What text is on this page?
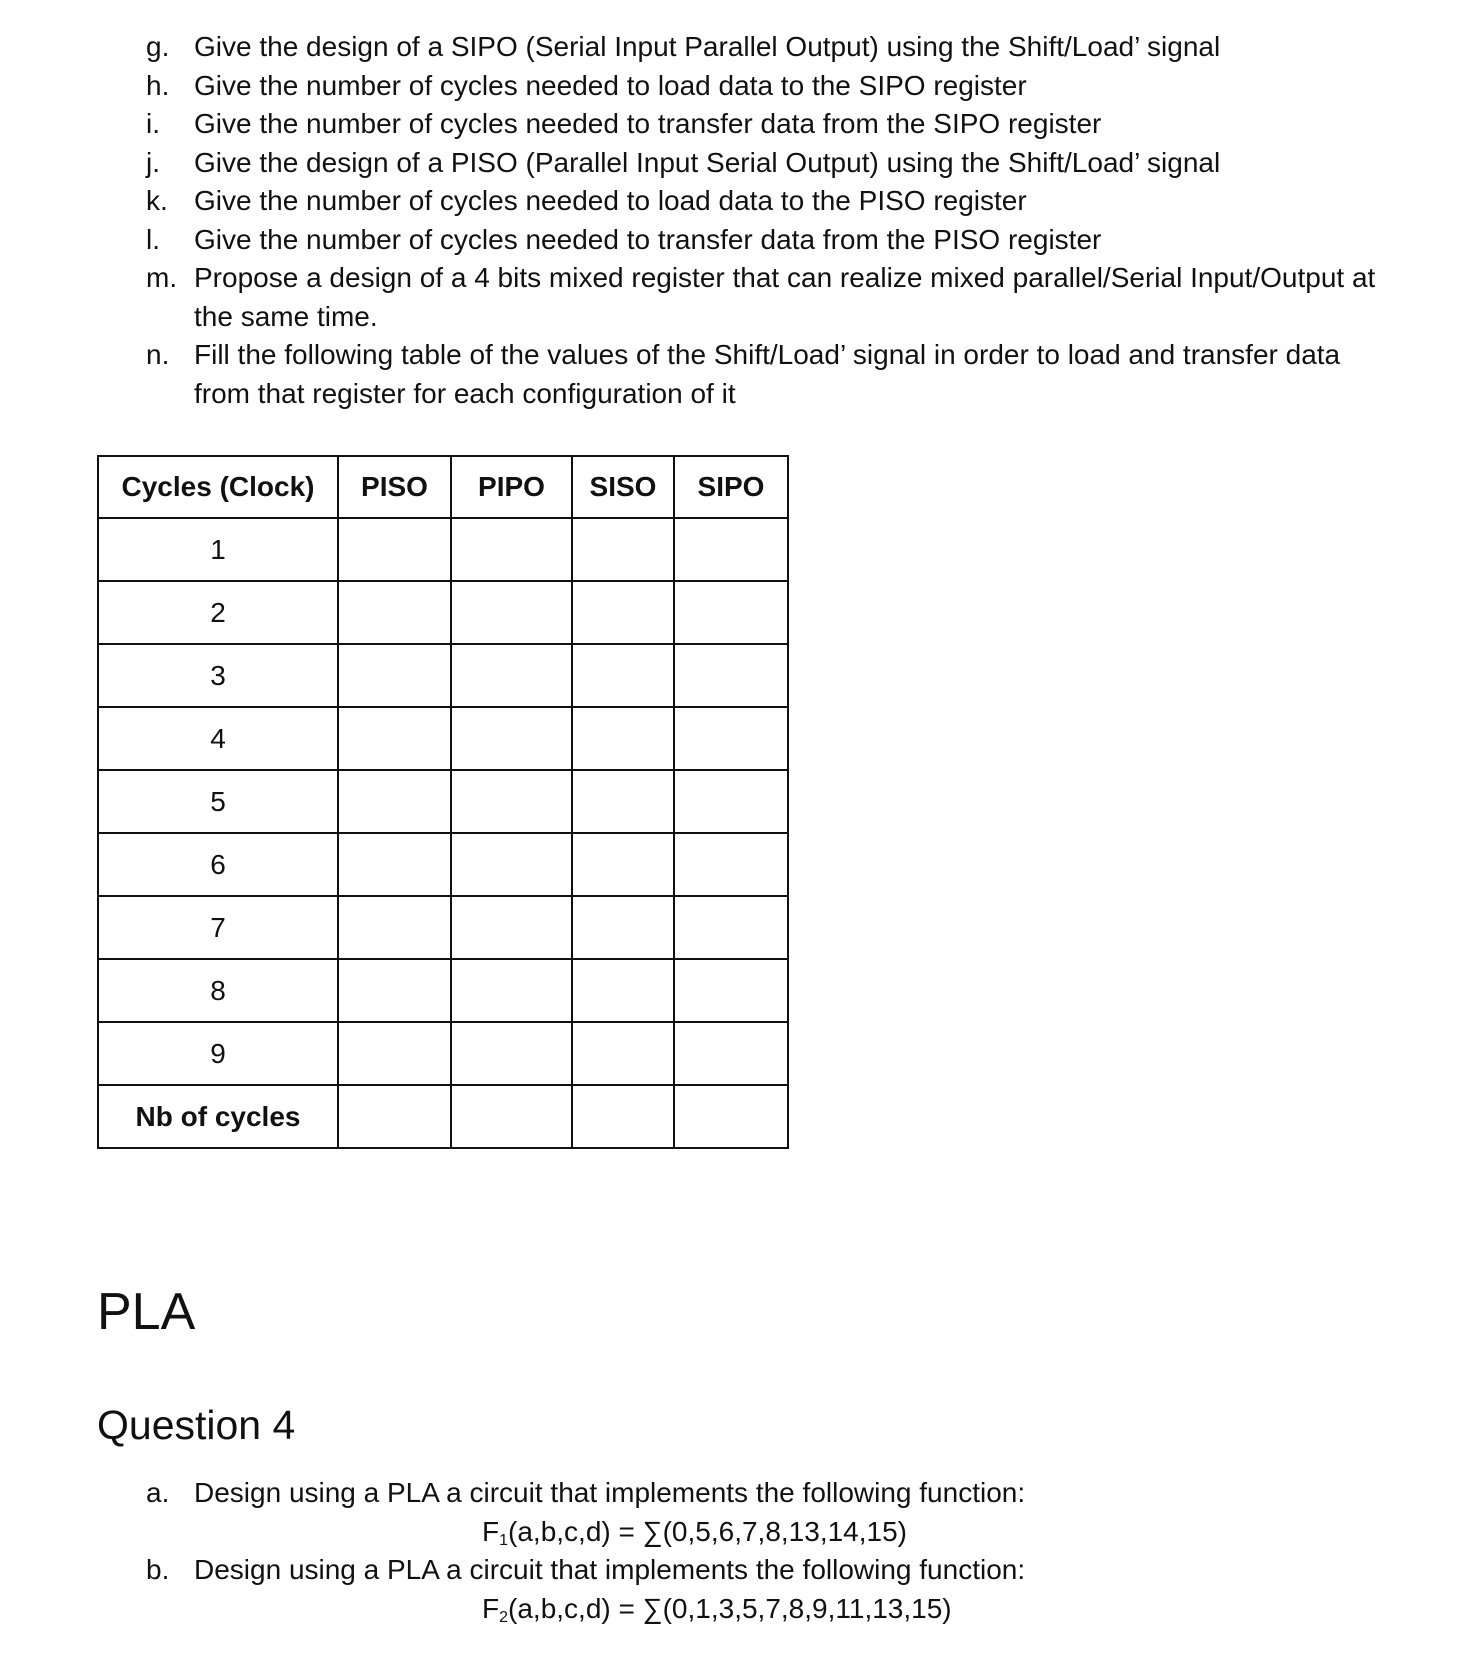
g. Give the design of a SIPO (Serial Input Parallel Output) using the Shift/Load’ signal
h. Give the number of cycles needed to load data to the SIPO register
i.	Give the number of cycles needed to transfer data from the SIPO register
j.	Give the design of a PISO (Parallel Input Serial Output) using the Shift/Load’ signal
k. Give the number of cycles needed to load data to the PISO register
l.	Give the number of cycles needed to transfer data from the PISO register
m. Propose a design of a 4 bits mixed register that can realize mixed parallel/Serial Input/Output at the same time.
n. Fill the following table of the values of the Shift/Load’ signal in order to load and transfer data from that register for each configuration of it
Cycles (Clock)	PISO	PIPO	SISO	SIPO
1				
2				
3				
4				
5				
6				
7				
8				
9				
Nb of cycles				
PLA
Question 4
a. Design using a PLA a circuit that implements the following function:
$F_1(a,b,c,d) = \sum(0,5,6,7,8,13,14,15)$
b. Design using a PLA a circuit that implements the following function:
$F_2(a,b,c,d) = \sum(0,1,3,5,7,8,9,11,13,15)$
